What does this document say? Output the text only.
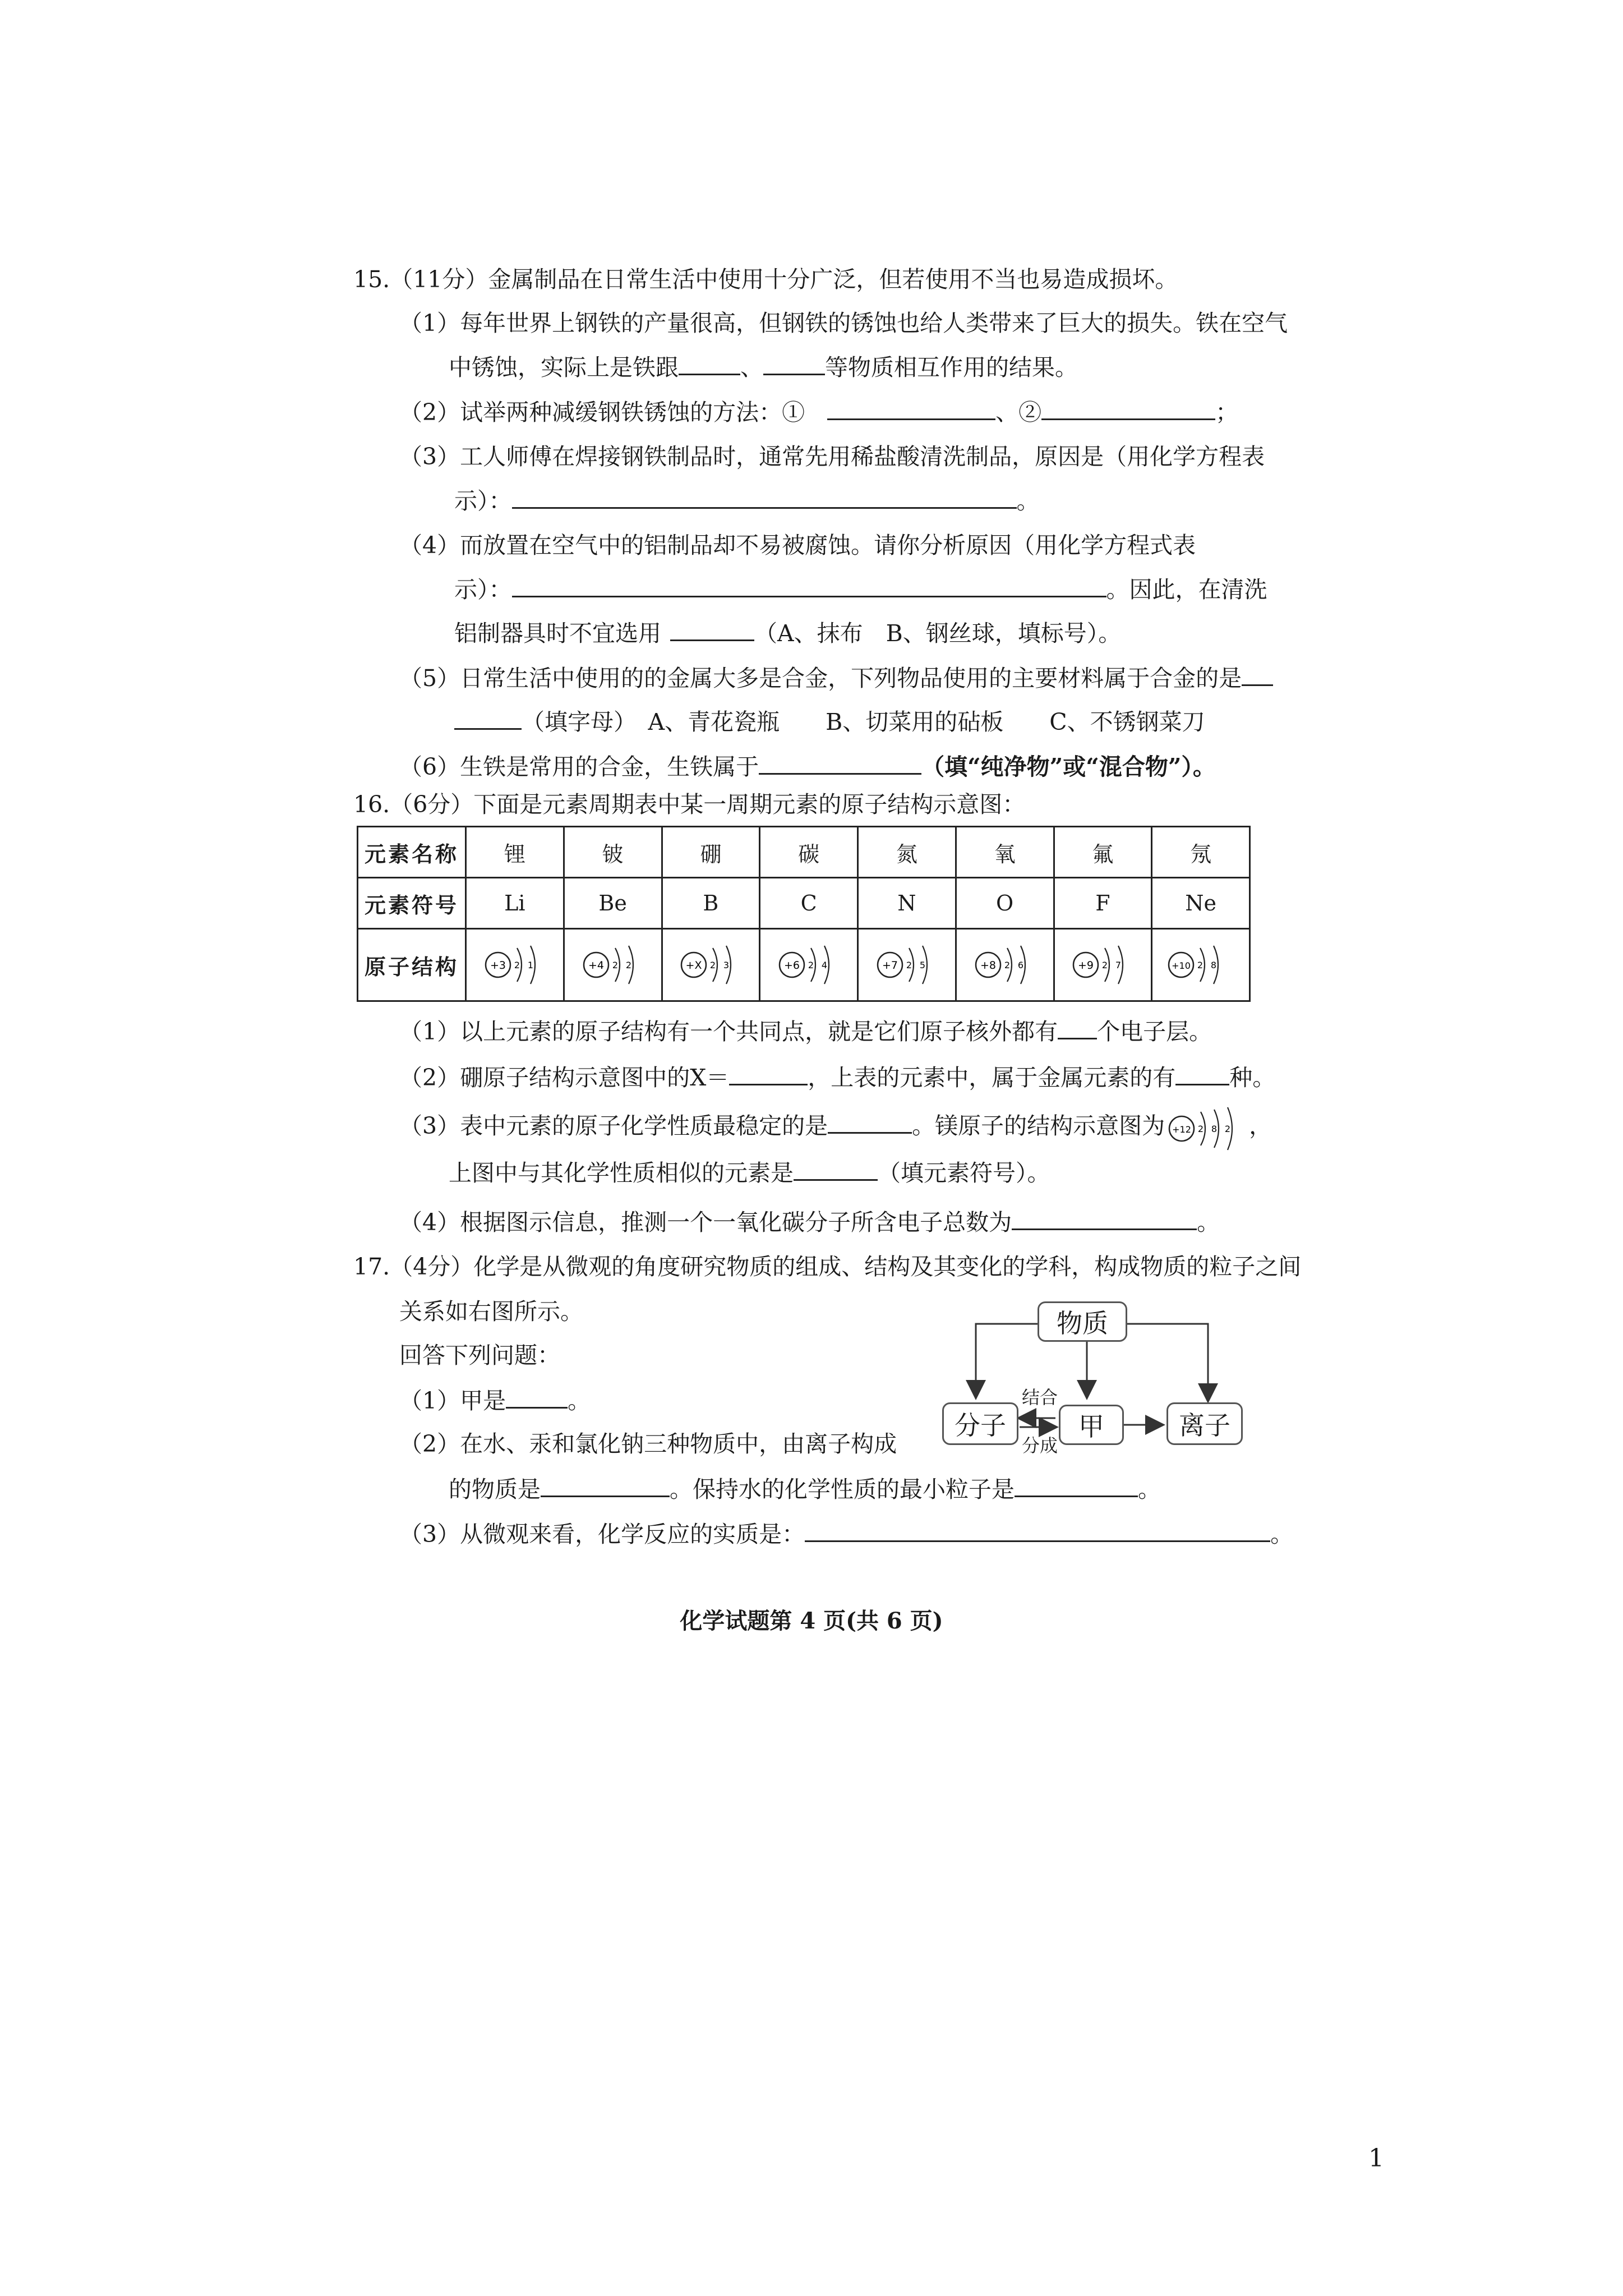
15.（11分）金属制品在日常生活中使用十分广泛，但若使用不当也易造成损坏。
（1）每年世界上钢铁的产量很高，但钢铁的锈蚀也给人类带来了巨大的损失。铁在空气
中锈蚀，实际上是铁跟	、	等物质相互作用的结果。
（2）试举两种减缓钢铁锈蚀的方法：①	、②	；
（3）工人师傅在焊接钢铁制品时，通常先用稀盐酸清洗制品，原因是（用化学方程表
示）：	。
（4）而放置在空气中的铝制品却不易被腐蚀。请你分析原因（用化学方程式表
示）：	。因此，在清洗
铝制器具时不宜选用	（A、抹布　B、钢丝球，填标号）。
（5）日常生活中使用的的金属大多是合金，下列物品使用的主要材料属于合金的是
（填字母）　A、青花瓷瓶　　B、切菜用的砧板　　C、不锈钢菜刀
（6）生铁是常用的合金，生铁属于	（填“纯净物”或“混合物”）。
16.（6分）下面是元素周期表中某一周期元素的原子结构示意图：
元素名称	锂	铍	硼	碳	氮	氧	氟	氖
元素符号	Li	Be	B	C	N	O	F	Ne
原子结构	+3 2 1	+4 2 2	+X 2 3	+6 2 4	+7 2 5	+8 2 6	+9 2 7	+10 2 8
（1）以上元素的原子结构有一个共同点，就是它们原子核外都有 个电子层。
（2）硼原子结构示意图中的X＝	，上表的元素中，属于金属元素的有 种。
（3）表中元素的原子化学性质最稳定的是	。镁原子的结构示意图为 +12 2 8 2 ，
上图中与其化学性质相似的元素是	（填元素符号）。
（4）根据图示信息，推测一个一氧化碳分子所含电子总数为	。
17.（4分）化学是从微观的角度研究物质的组成、结构及其变化的学科，构成物质的粒子之间
关系如右图所示。
回答下列问题：
（1）甲是	。
（2）在水、汞和氯化钠三种物质中，由离子构成
的物质是	。保持水的化学性质的最小粒子是	。
（3）从微观来看，化学反应的实质是：	。
物质
分子	甲	离子
结合
分成
化学试题第 4 页(共 6 页)
1
